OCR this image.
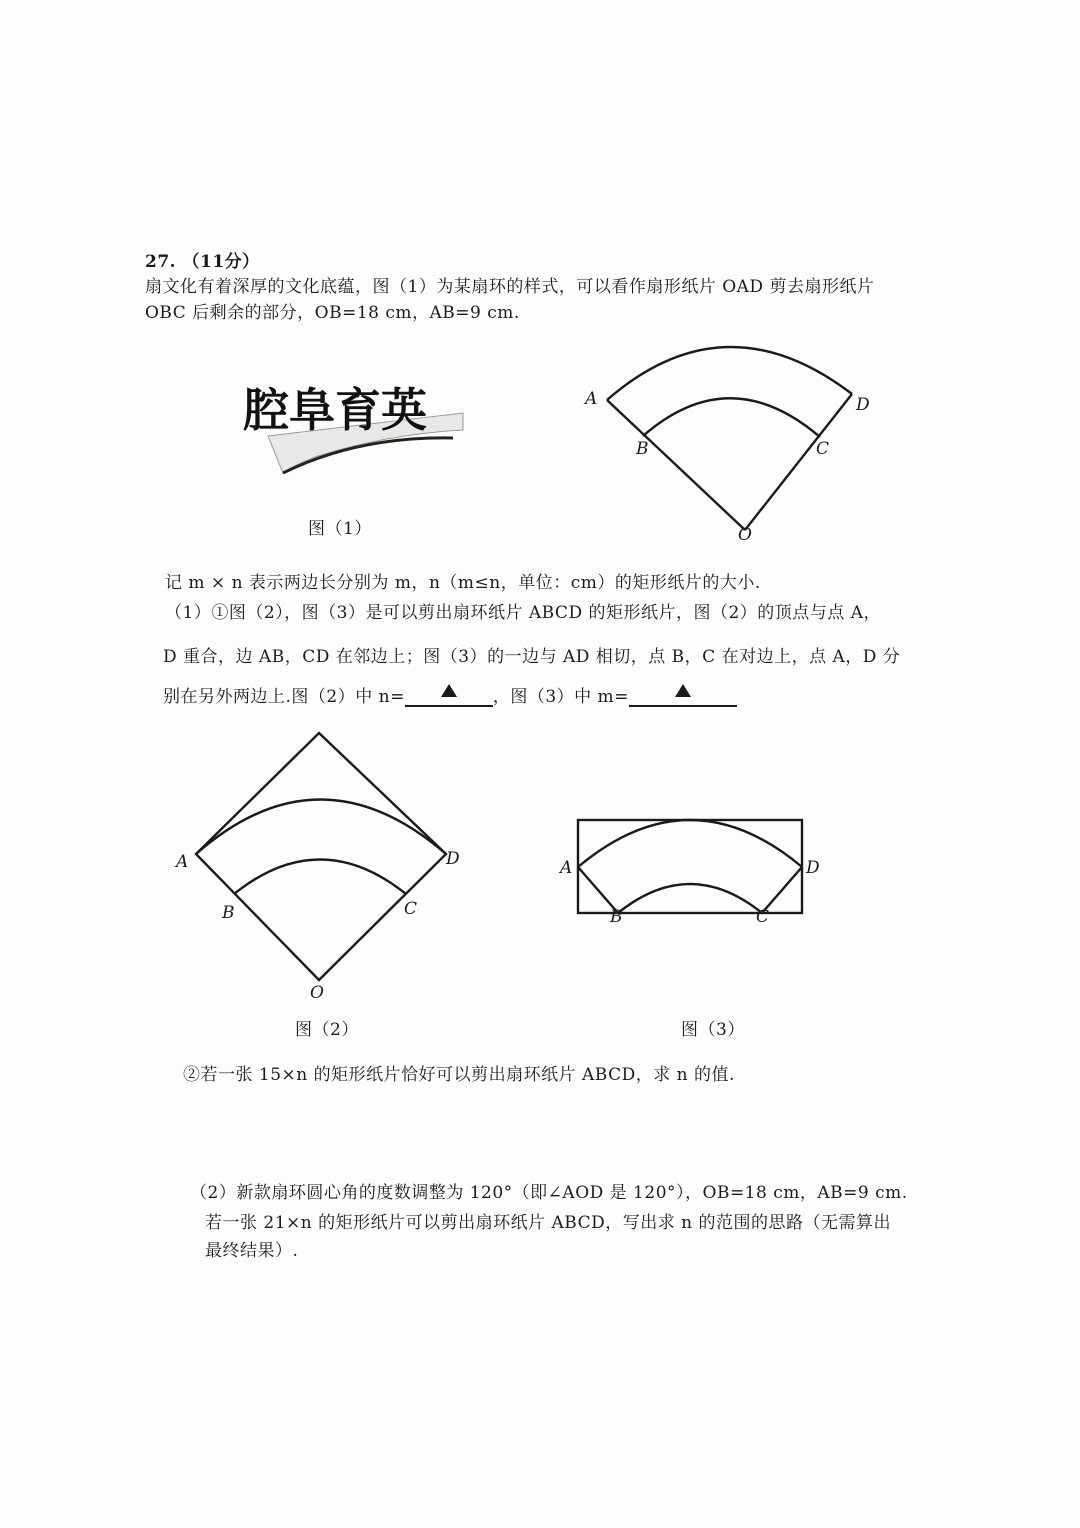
27. （11分）
扇文化有着深厚的文化底蕴，图（1）为某扇环的样式，可以看作扇形纸片 OAD 剪去扇形纸片
OBC 后剩余的部分，OB=18 cm，AB=9 cm.
腔阜育英
图（1）
A	D
B	C
O
记 m × n 表示两边长分别为 m，n（m≤n，单位：cm）的矩形纸片的大小.
（1）①图（2），图（3）是可以剪出扇环纸片 ABCD 的矩形纸片，图（2）的顶点与点 A，
D 重合，边 AB，CD 在邻边上；图（3）的一边与 AD 相切，点 B，C 在对边上，点 A，D 分
别在另外两边上.图（2）中 n=	，图（3）中 m=
A	D
B	C
O
图（2）
A	D
B	C
图（3）
②若一张 15×n 的矩形纸片恰好可以剪出扇环纸片 ABCD，求 n 的值.
（2）新款扇环圆心角的度数调整为 120°（即∠AOD 是 120°），OB=18 cm，AB=9 cm.
若一张 21×n 的矩形纸片可以剪出扇环纸片 ABCD，写出求 n 的范围的思路（无需算出
最终结果）.
